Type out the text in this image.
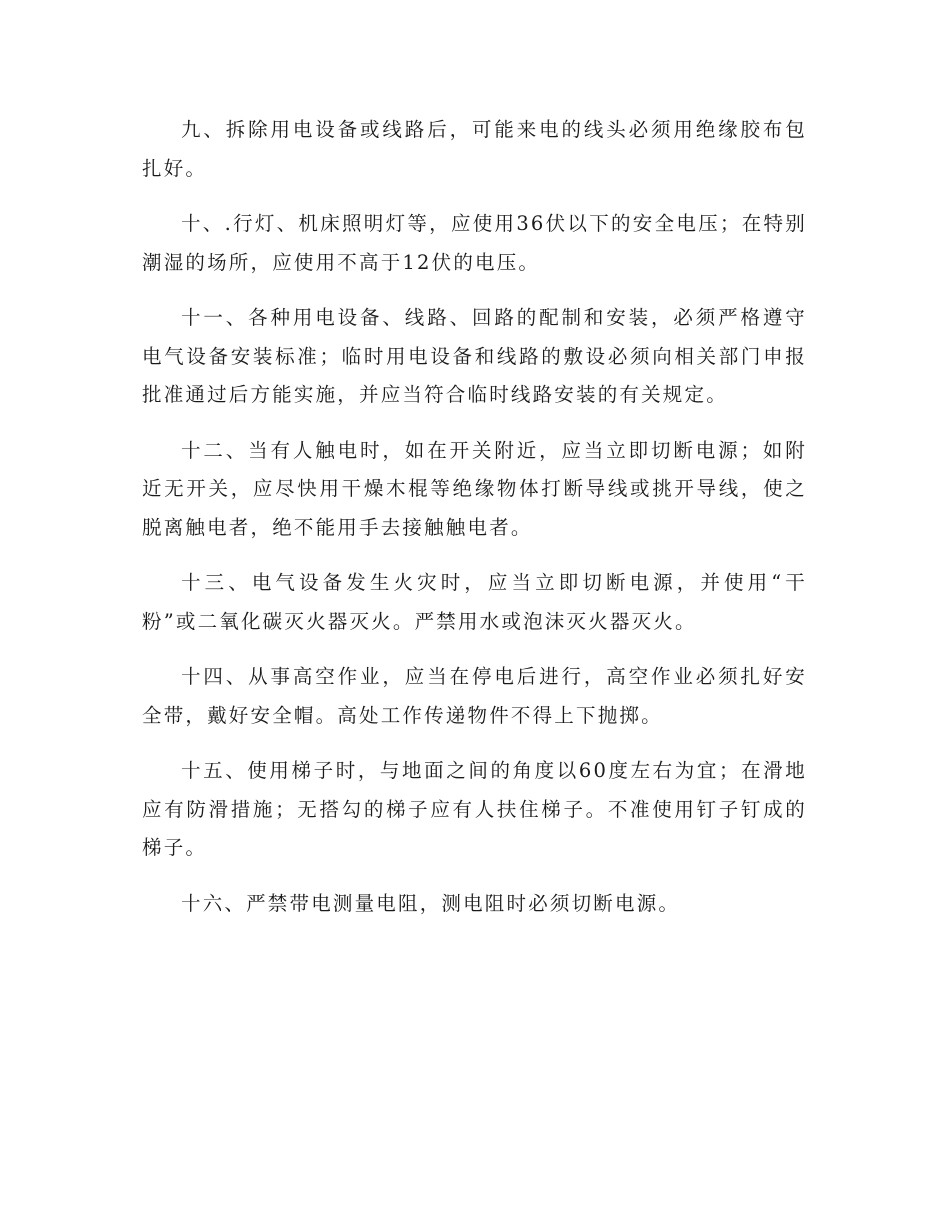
九、拆除用电设备或线路后，可能来电的线头必须用绝缘胶布包扎好。

十、.行灯、机床照明灯等，应使用36伏以下的安全电压；在特别潮湿的场所，应使用不高于12伏的电压。

十一、各种用电设备、线路、回路的配制和安装，必须严格遵守电气设备安装标准；临时用电设备和线路的敷设必须向相关部门申报批准通过后方能实施，并应当符合临时线路安装的有关规定。

十二、当有人触电时，如在开关附近，应当立即切断电源；如附近无开关，应尽快用干燥木棍等绝缘物体打断导线或挑开导线，使之脱离触电者，绝不能用手去接触触电者。

十三、电气设备发生火灾时，应当立即切断电源，并使用“干粉”或二氧化碳灭火器灭火。严禁用水或泡沫灭火器灭火。

十四、从事高空作业，应当在停电后进行，高空作业必须扎好安全带，戴好安全帽。高处工作传递物件不得上下抛掷。

十五、使用梯子时，与地面之间的角度以60度左右为宜；在滑地应有防滑措施；无搭勾的梯子应有人扶住梯子。不准使用钉子钉成的梯子。

十六、严禁带电测量电阻，测电阻时必须切断电源。
